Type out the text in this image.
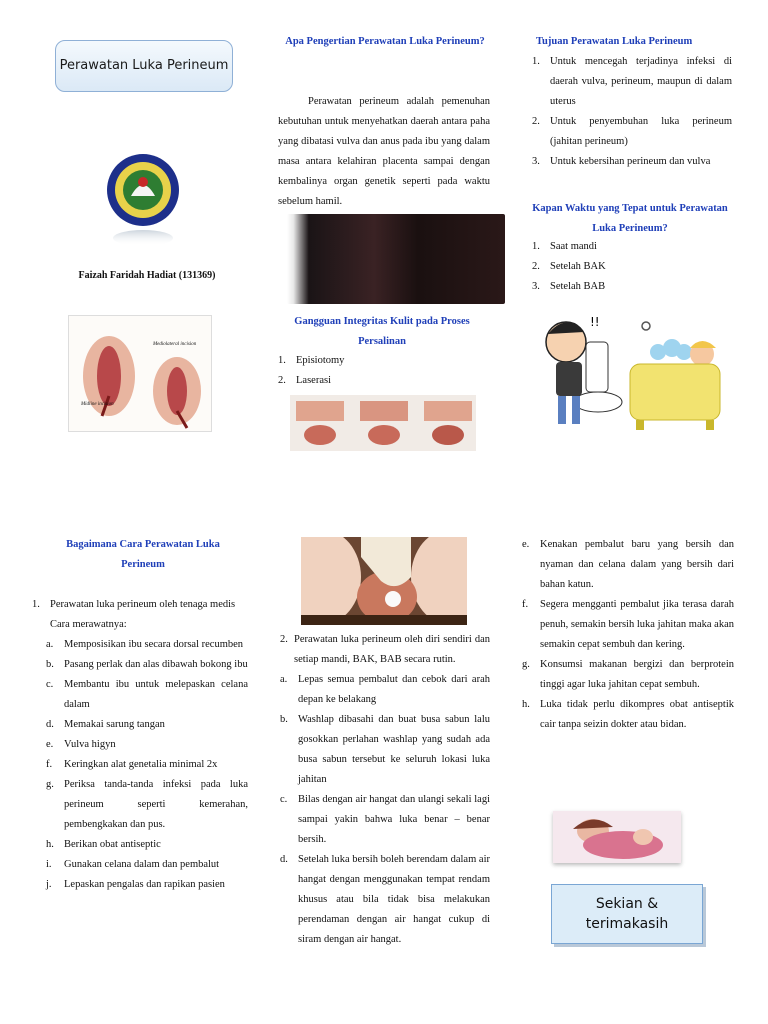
Perawatan Luka Perineum
Faizah Faridah Hadiat (131369)
Mediolateral incision
Midline incision
Apa Pengertian Perawatan Luka Perineum?
Perawatan perineum adalah pemenuhan kebutuhan untuk menyehatkan daerah antara paha yang dibatasi vulva dan anus pada ibu yang dalam masa antara kelahiran placenta sampai dengan kembalinya organ genetik seperti pada waktu sebelum hamil.
Gangguan Integritas Kulit pada Proses Persalinan
1. Episiotomy
2. Laserasi
Tujuan Perawatan Luka Perineum
1. Untuk mencegah terjadinya infeksi di daerah vulva, perineum, maupun di dalam uterus
2. Untuk penyembuhan luka perineum (jahitan perineum)
3. Untuk kebersihan perineum dan vulva
Kapan Waktu yang Tepat untuk Perawatan Luka Perineum?
1. Saat mandi
2. Setelah BAK
3. Setelah BAB
!!
Bagaimana Cara Perawatan Luka Perineum
1. Perawatan luka perineum oleh tenaga medis
Cara merawatnya:
a.	Memposisikan ibu secara dorsal recumben
b. Pasang perlak dan alas dibawah bokong ibu
c.	Membantu ibu untuk melepaskan celana dalam
d. Memakai sarung tangan
e.	Vulva higyn
f.	Keringkan alat genetalia minimal 2x
g. Periksa tanda-tanda infeksi pada luka perineum seperti kemerahan, pembengkakan dan pus.
h. Berikan obat antiseptic
i.	Gunakan celana dalam dan pembalut
j.	Lepaskan pengalas dan rapikan pasien
2. Perawatan luka perineum oleh diri sendiri dan setiap mandi, BAK, BAB secara rutin.
a.	Lepas semua pembalut dan cebok dari arah depan ke belakang
b. Washlap dibasahi dan buat busa sabun lalu gosokkan perlahan washlap yang sudah ada busa sabun tersebut ke seluruh lokasi luka jahitan
c.	Bilas dengan air hangat dan ulangi sekali lagi sampai yakin bahwa luka benar – benar bersih.
d. Setelah luka bersih boleh berendam dalam air hangat dengan menggunakan tempat rendam khusus atau bila tidak bisa melakukan perendaman dengan air hangat cukup di siram dengan air hangat.
e.	Kenakan pembalut baru yang bersih dan nyaman dan celana dalam yang bersih dari bahan katun.
f.	Segera mengganti pembalut jika terasa darah penuh, semakin bersih luka jahitan maka akan semakin cepat sembuh dan kering.
g. Konsumsi makanan bergizi dan berprotein tinggi agar luka jahitan cepat sembuh.
h. Luka tidak perlu dikompres obat antiseptik cair tanpa seizin dokter atau bidan.
Sekian & terimakasih
